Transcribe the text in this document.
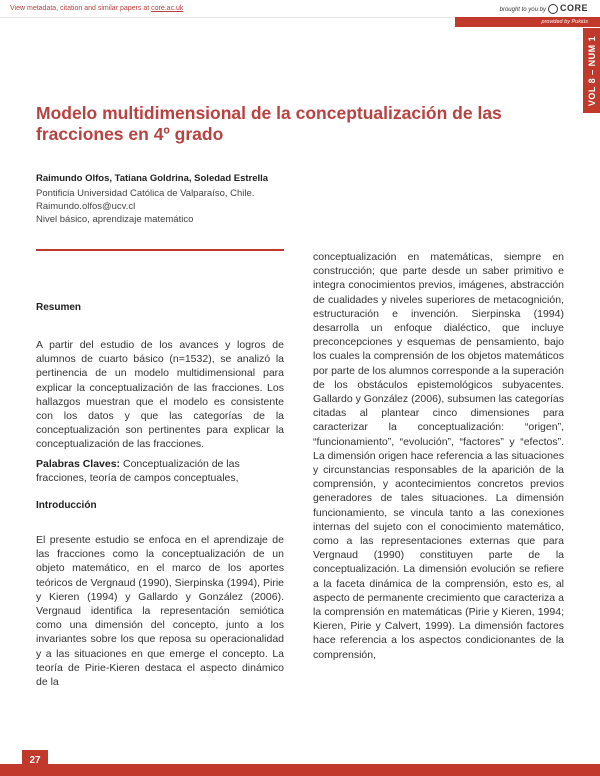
View metadata, citation and similar papers at core.ac.uk	brought to you by CORE
provided by Pukiús
VOL 8 – NUM 1
Modelo multidimensional de la conceptualización de las fracciones en 4º grado
Raimundo Olfos, Tatiana Goldrina, Soledad Estrella
Pontificia Universidad Católica de Valparaíso, Chile.
Raimundo.olfos@ucv.cl
Nivel básico, aprendizaje matemático
Resumen

A partir del estudio de los avances y logros de alumnos de cuarto básico (n=1532), se analizó la pertinencia de un modelo multidimensional para explicar la conceptualización de las fracciones. Los hallazgos muestran que el modelo es consistente con los datos y que las categorías de la conceptualización son pertinentes para explicar la conceptualización de las fracciones.

Palabras Claves: Conceptualización de las fracciones, teoría de campos conceptuales,

Introducción

El presente estudio se enfoca en el aprendizaje de las fracciones como la conceptualización de un objeto matemático, en el marco de los aportes teóricos de Vergnaud (1990), Sierpinska (1994), Pirie y Kieren (1994) y Gallardo y González (2006). Vergnaud identifica la representación semiótica como una dimensión del concepto, junto a los invariantes sobre los que reposa su operacionalidad y a las situaciones en que emerge el concepto. La teoría de Pirie-Kieren destaca el aspecto dinámico de la

conceptualización en matemáticas, siempre en construcción; que parte desde un saber primitivo e integra conocimientos previos, imágenes, abstracción de cualidades y niveles superiores de metacognición, estructuración e invención. Sierpinska (1994) desarrolla un enfoque dialéctico, que incluye preconcepciones y esquemas de pensamiento, bajo los cuales la comprensión de los objetos matemáticos por parte de los alumnos corresponde a la superación de los obstáculos epistemológicos subyacentes. Gallardo y González (2006), subsumen las categorías citadas al plantear cinco dimensiones para caracterizar la conceptualización: “origen”, “funcionamiento”, “evolución”, “factores” y “efectos”. La dimensión origen hace referencia a las situaciones y circunstancias responsables de la aparición de la comprensión, y acontecimientos concretos previos generadores de tales situaciones. La dimensión funcionamiento, se vincula tanto a las conexiones internas del sujeto con el conocimiento matemático, como a las representaciones externas que para Vergnaud (1990) constituyen parte de la conceptualización. La dimensión evolución se refiere a la faceta dinámica de la comprensión, esto es, al aspecto de permanente crecimiento que caracteriza a la comprensión en matemáticas (Pirie y Kieren, 1994; Kieren, Pirie y Calvert, 1999). La dimensión factores hace referencia a los aspectos condicionantes de la comprensión,

27
